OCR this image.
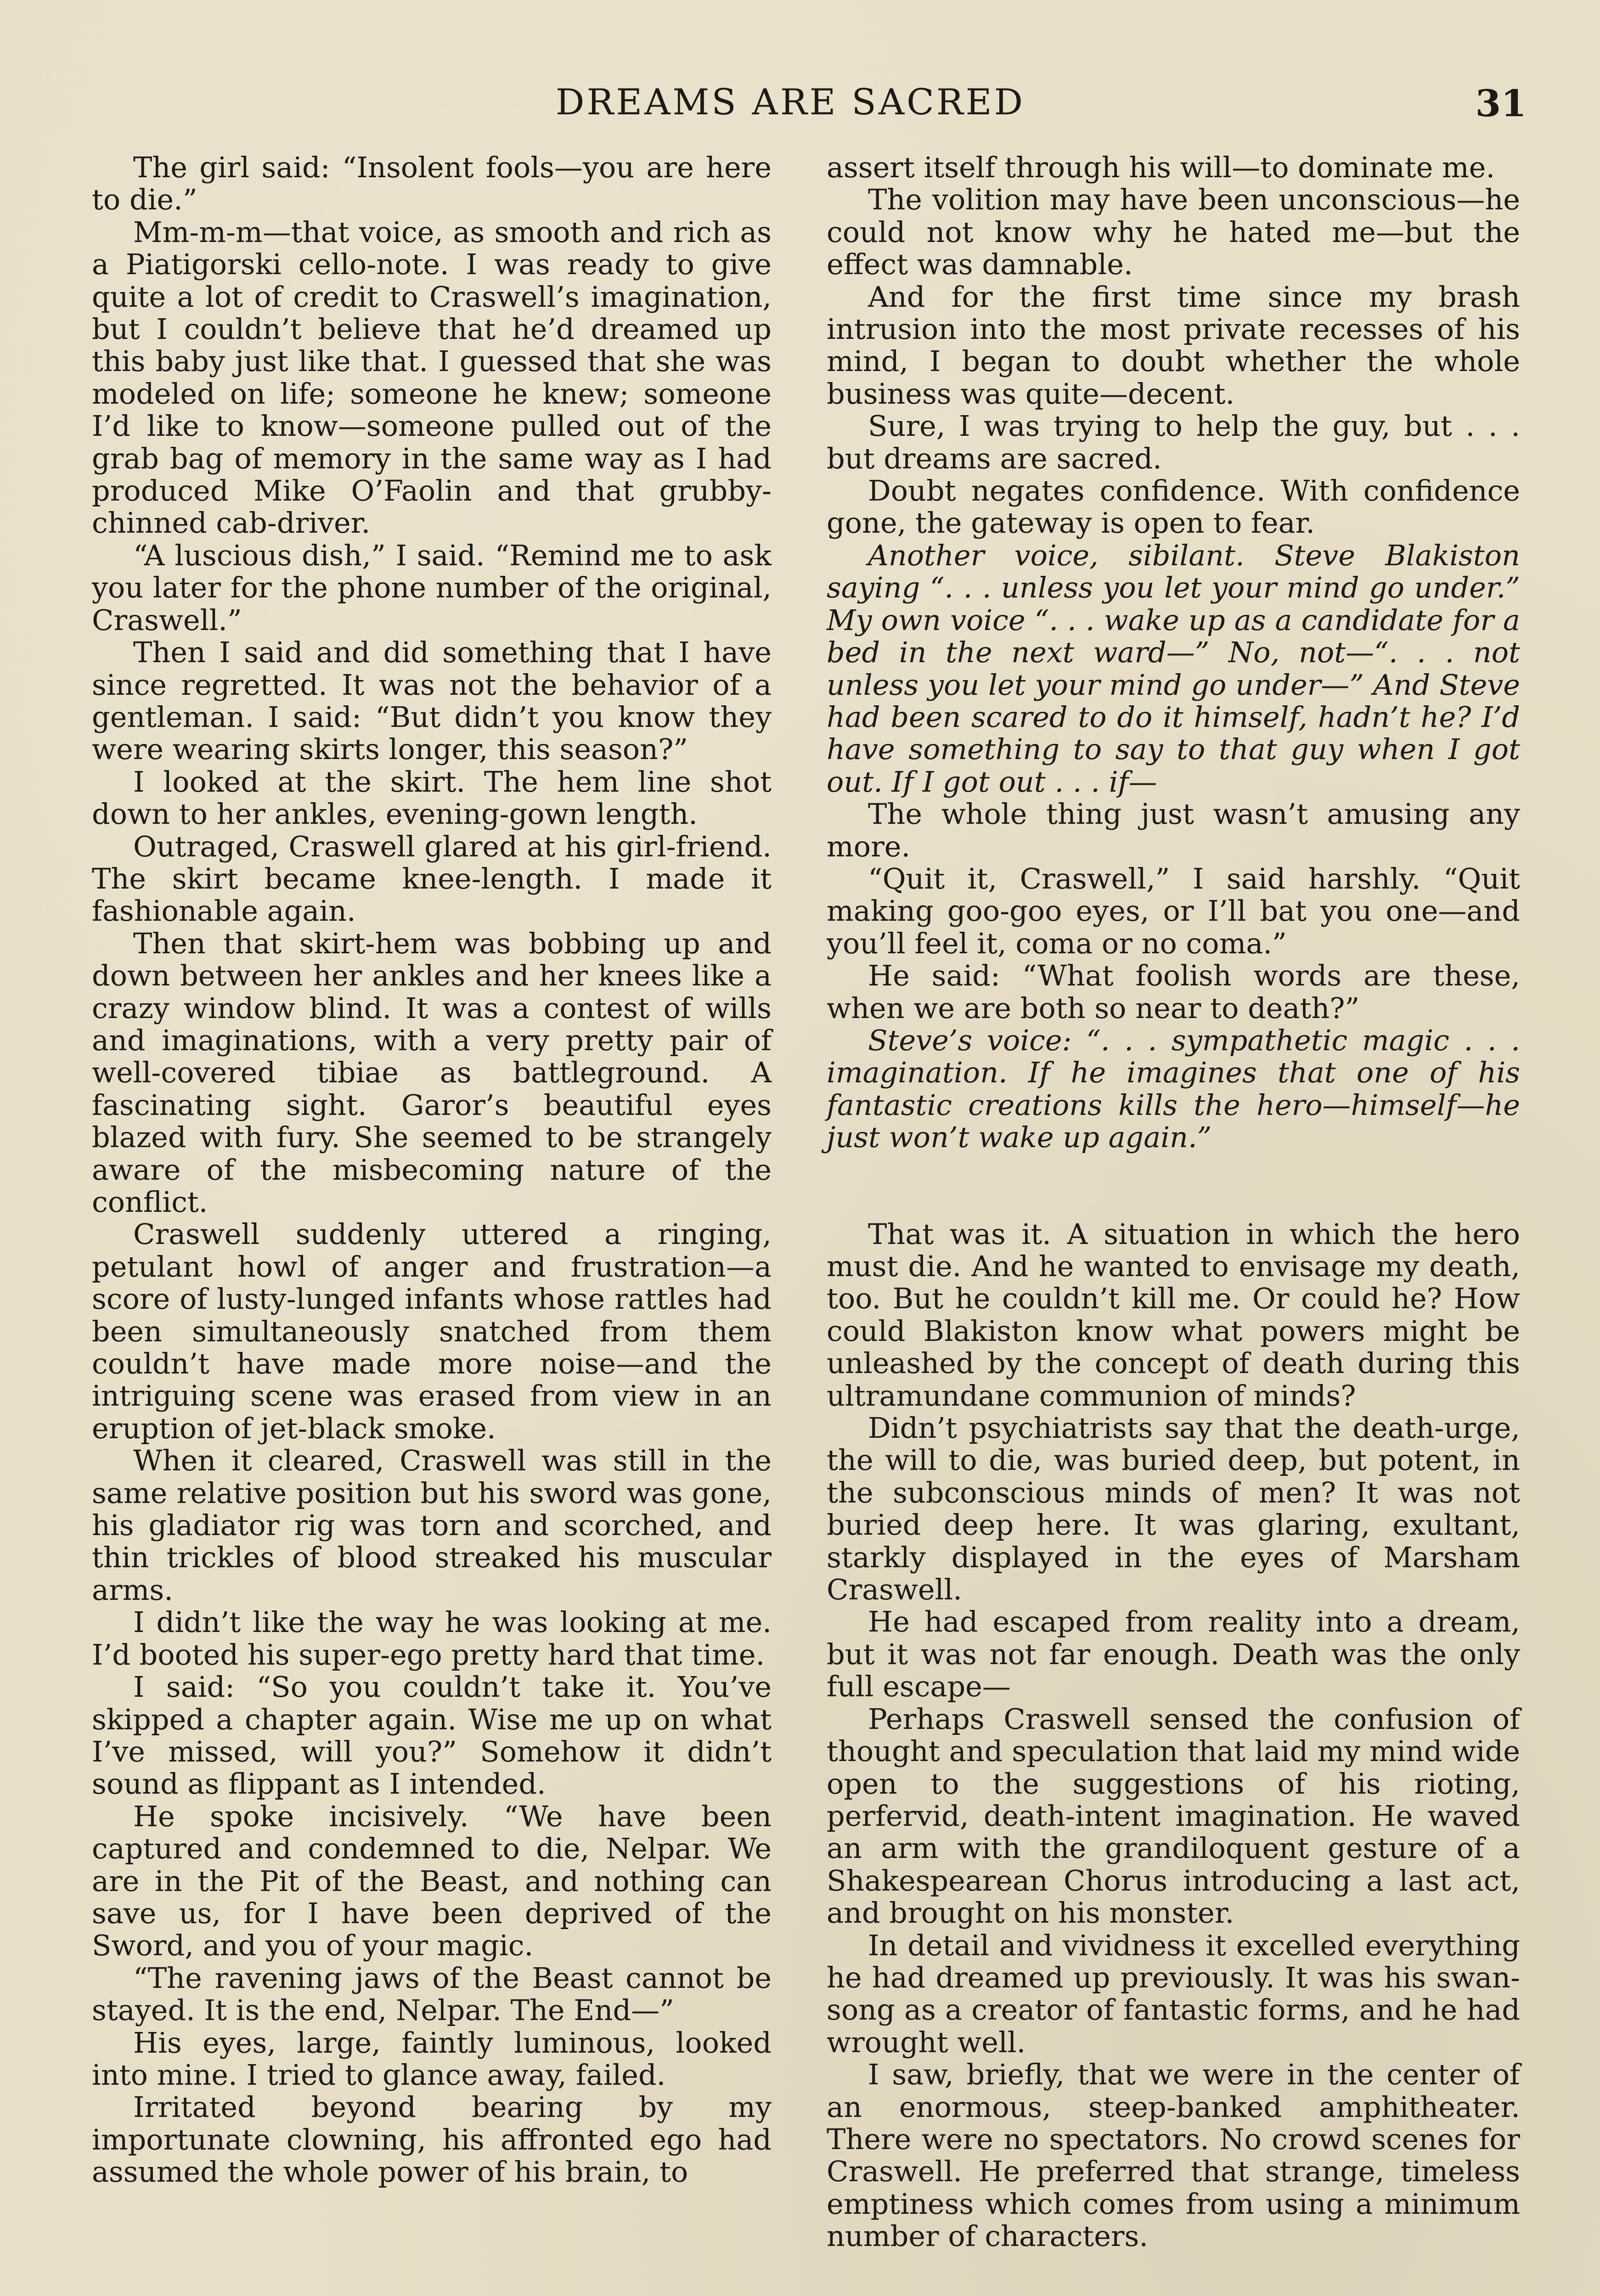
DREAMS ARE SACRED	31

The girl said: “Insolent fools—you are here to die.”

Mm-m-m—that voice, as smooth and rich as a Piatigorski cello-note. I was ready to give quite a lot of credit to Craswell’s imagination, but I couldn’t believe that he’d dreamed up this baby just like that. I guessed that she was modeled on life; someone he knew; someone I’d like to know—someone pulled out of the grab bag of memory in the same way as I had produced Mike O’Faolin and that grubby-chinned cab-driver.

“A luscious dish,” I said. “Remind me to ask you later for the phone number of the original, Craswell.”

Then I said and did something that I have since regretted. It was not the behavior of a gentleman. I said: “But didn’t you know they were wearing skirts longer, this season?”

I looked at the skirt. The hem line shot down to her ankles, evening-gown length.

Outraged, Craswell glared at his girl-friend. The skirt became knee-length. I made it fashionable again.

Then that skirt-hem was bobbing up and down between her ankles and her knees like a crazy window blind. It was a contest of wills and imaginations, with a very pretty pair of well-covered tibiae as battleground. A fascinating sight. Garor’s beautiful eyes blazed with fury. She seemed to be strangely aware of the misbecoming nature of the conflict.

Craswell suddenly uttered a ringing, petulant howl of anger and frustration—a score of lusty-lunged infants whose rattles had been simultaneously snatched from them couldn’t have made more noise—and the intriguing scene was erased from view in an eruption of jet-black smoke.

When it cleared, Craswell was still in the same relative position but his sword was gone, his gladiator rig was torn and scorched, and thin trickles of blood streaked his muscular arms.

I didn’t like the way he was looking at me. I’d booted his super-ego pretty hard that time.

I said: “So you couldn’t take it. You’ve skipped a chapter again. Wise me up on what I’ve missed, will you?” Somehow it didn’t sound as flippant as I intended.

He spoke incisively. “We have been captured and condemned to die, Nelpar. We are in the Pit of the Beast, and nothing can save us, for I have been deprived of the Sword, and you of your magic.

“The ravening jaws of the Beast cannot be stayed. It is the end, Nelpar. The End—”

His eyes, large, faintly luminous, looked into mine. I tried to glance away, failed.

Irritated beyond bearing by my importunate clowning, his affronted ego had assumed the whole power of his brain, to

assert itself through his will—to dominate me.

The volition may have been unconscious—he could not know why he hated me—but the effect was damnable.

And for the first time since my brash intrusion into the most private recesses of his mind, I began to doubt whether the whole business was quite—decent.

Sure, I was trying to help the guy, but . . . but dreams are sacred.

Doubt negates confidence. With confidence gone, the gateway is open to fear.

Another voice, sibilant. Steve Blakiston saying “. . . unless you let your mind go under.” My own voice “. . . wake up as a candidate for a bed in the next ward—” No, not—“. . . not unless you let your mind go under—” And Steve had been scared to do it himself, hadn’t he? I’d have something to say to that guy when I got out. If I got out . . . if—

The whole thing just wasn’t amusing any more.

“Quit it, Craswell,” I said harshly. “Quit making goo-goo eyes, or I’ll bat you one—and you’ll feel it, coma or no coma.”

He said: “What foolish words are these, when we are both so near to death?”

Steve’s voice: “. . . sympathetic magic . . . imagination. If he imagines that one of his fantastic creations kills the hero—himself—he just won’t wake up again.”

That was it. A situation in which the hero must die. And he wanted to envisage my death, too. But he couldn’t kill me. Or could he? How could Blakiston know what powers might be unleashed by the concept of death during this ultramundane communion of minds?

Didn’t psychiatrists say that the death-urge, the will to die, was buried deep, but potent, in the subconscious minds of men? It was not buried deep here. It was glaring, exultant, starkly displayed in the eyes of Marsham Craswell.

He had escaped from reality into a dream, but it was not far enough. Death was the only full escape—

Perhaps Craswell sensed the confusion of thought and speculation that laid my mind wide open to the suggestions of his rioting, perfervid, death-intent imagination. He waved an arm with the grandiloquent gesture of a Shakespearean Chorus introducing a last act, and brought on his monster.

In detail and vividness it excelled everything he had dreamed up previously. It was his swan-song as a creator of fantastic forms, and he had wrought well.

I saw, briefly, that we were in the center of an enormous, steep-banked amphitheater. There were no spectators. No crowd scenes for Craswell. He preferred that strange, timeless emptiness which comes from using a minimum number of characters.
